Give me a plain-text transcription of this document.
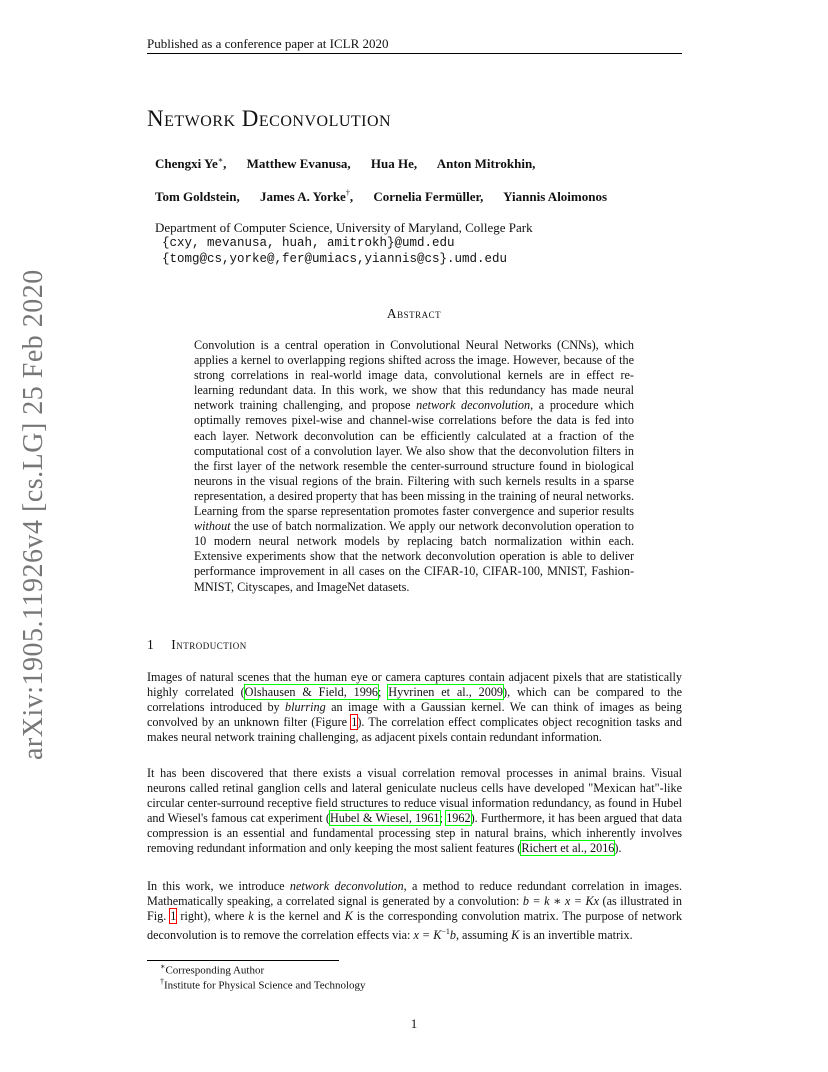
Published as a conference paper at ICLR 2020
arXiv:1905.11926v4 [cs.LG] 25 Feb 2020
Network Deconvolution
Chengxi Ye∗, Matthew Evanusa, Hua He, Anton Mitrokhin,
Tom Goldstein, James A. Yorke†, Cornelia Fermüller, Yiannis Aloimonos
Department of Computer Science, University of Maryland, College Park
{cxy, mevanusa, huah, amitrokh}@umd.edu
{tomg@cs,yorke@,fer@umiacs,yiannis@cs}.umd.edu
Abstract
Convolution is a central operation in Convolutional Neural Networks (CNNs), which applies a kernel to overlapping regions shifted across the image. However, because of the strong correlations in real-world image data, convolutional kernels are in effect re-learning redundant data. In this work, we show that this redundancy has made neural network training challenging, and propose network deconvolution, a procedure which optimally removes pixel-wise and channel-wise correlations before the data is fed into each layer. Network deconvolution can be efficiently calculated at a fraction of the computational cost of a convolution layer. We also show that the deconvolution filters in the first layer of the network resemble the center-surround structure found in biological neurons in the visual regions of the brain. Filtering with such kernels results in a sparse representation, a desired property that has been missing in the training of neural networks. Learning from the sparse representation promotes faster convergence and superior results without the use of batch normalization. We apply our network deconvolution operation to 10 modern neural network models by replacing batch normalization within each. Extensive experiments show that the network deconvolution operation is able to deliver performance improvement in all cases on the CIFAR-10, CIFAR-100, MNIST, Fashion-MNIST, Cityscapes, and ImageNet datasets.
1 Introduction
Images of natural scenes that the human eye or camera captures contain adjacent pixels that are statistically highly correlated (Olshausen & Field, 1996; Hyvrinen et al., 2009), which can be compared to the correlations introduced by blurring an image with a Gaussian kernel. We can think of images as being convolved by an unknown filter (Figure 1). The correlation effect complicates object recognition tasks and makes neural network training challenging, as adjacent pixels contain redundant information.
It has been discovered that there exists a visual correlation removal processes in animal brains. Visual neurons called retinal ganglion cells and lateral geniculate nucleus cells have developed "Mexican hat"-like circular center-surround receptive field structures to reduce visual information redundancy, as found in Hubel and Wiesel's famous cat experiment (Hubel & Wiesel, 1961; 1962). Furthermore, it has been argued that data compression is an essential and fundamental processing step in natural brains, which inherently involves removing redundant information and only keeping the most salient features (Richert et al., 2016).
In this work, we introduce network deconvolution, a method to reduce redundant correlation in images. Mathematically speaking, a correlated signal is generated by a convolution: b = k ∗ x = Kx (as illustrated in Fig. 1 right), where k is the kernel and K is the corresponding convolution matrix. The purpose of network deconvolution is to remove the correlation effects via: $x = K^{-1}b$, assuming K is an invertible matrix.
∗Corresponding Author
†Institute for Physical Science and Technology
1
